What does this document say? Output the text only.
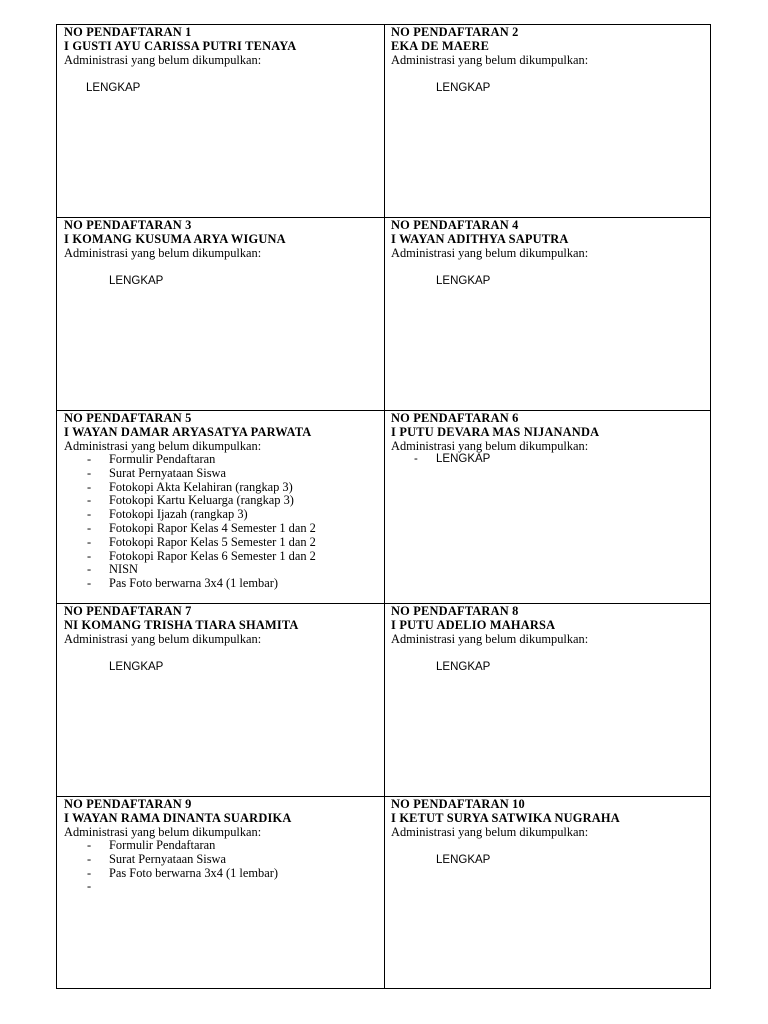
NO PENDAFTARAN 1
I GUSTI AYU CARISSA PUTRI TENAYA
Administrasi yang belum dikumpulkan:
LENGKAP
NO PENDAFTARAN 2
EKA DE MAERE
Administrasi yang belum dikumpulkan:
LENGKAP
NO PENDAFTARAN 3
I KOMANG KUSUMA ARYA WIGUNA
Administrasi yang belum dikumpulkan:
LENGKAP
NO PENDAFTARAN 4
I WAYAN ADITHYA SAPUTRA
Administrasi yang belum dikumpulkan:
LENGKAP
NO PENDAFTARAN 5
I WAYAN DAMAR ARYASATYA PARWATA
Administrasi yang belum dikumpulkan:
- Formulir Pendaftaran
- Surat Pernyataan Siswa
- Fotokopi Akta Kelahiran (rangkap 3)
- Fotokopi Kartu Keluarga (rangkap 3)
- Fotokopi Ijazah (rangkap 3)
- Fotokopi Rapor Kelas 4 Semester 1 dan 2
- Fotokopi Rapor Kelas 5 Semester 1 dan 2
- Fotokopi Rapor Kelas 6 Semester 1 dan 2
- NISN
- Pas Foto berwarna 3x4 (1 lembar)
NO PENDAFTARAN 6
I PUTU DEVARA MAS NIJANANDA
Administrasi yang belum dikumpulkan:
- LENGKAP
NO PENDAFTARAN 7
NI KOMANG TRISHA TIARA SHAMITA
Administrasi yang belum dikumpulkan:
LENGKAP
NO PENDAFTARAN 8
I PUTU ADELIO MAHARSA
Administrasi yang belum dikumpulkan:
LENGKAP
NO PENDAFTARAN 9
I WAYAN RAMA DINANTA SUARDIKA
Administrasi yang belum dikumpulkan:
- Formulir Pendaftaran
- Surat Pernyataan Siswa
- Pas Foto berwarna 3x4 (1 lembar)
-
NO PENDAFTARAN 10
I KETUT SURYA SATWIKA NUGRAHA
Administrasi yang belum dikumpulkan:
LENGKAP
